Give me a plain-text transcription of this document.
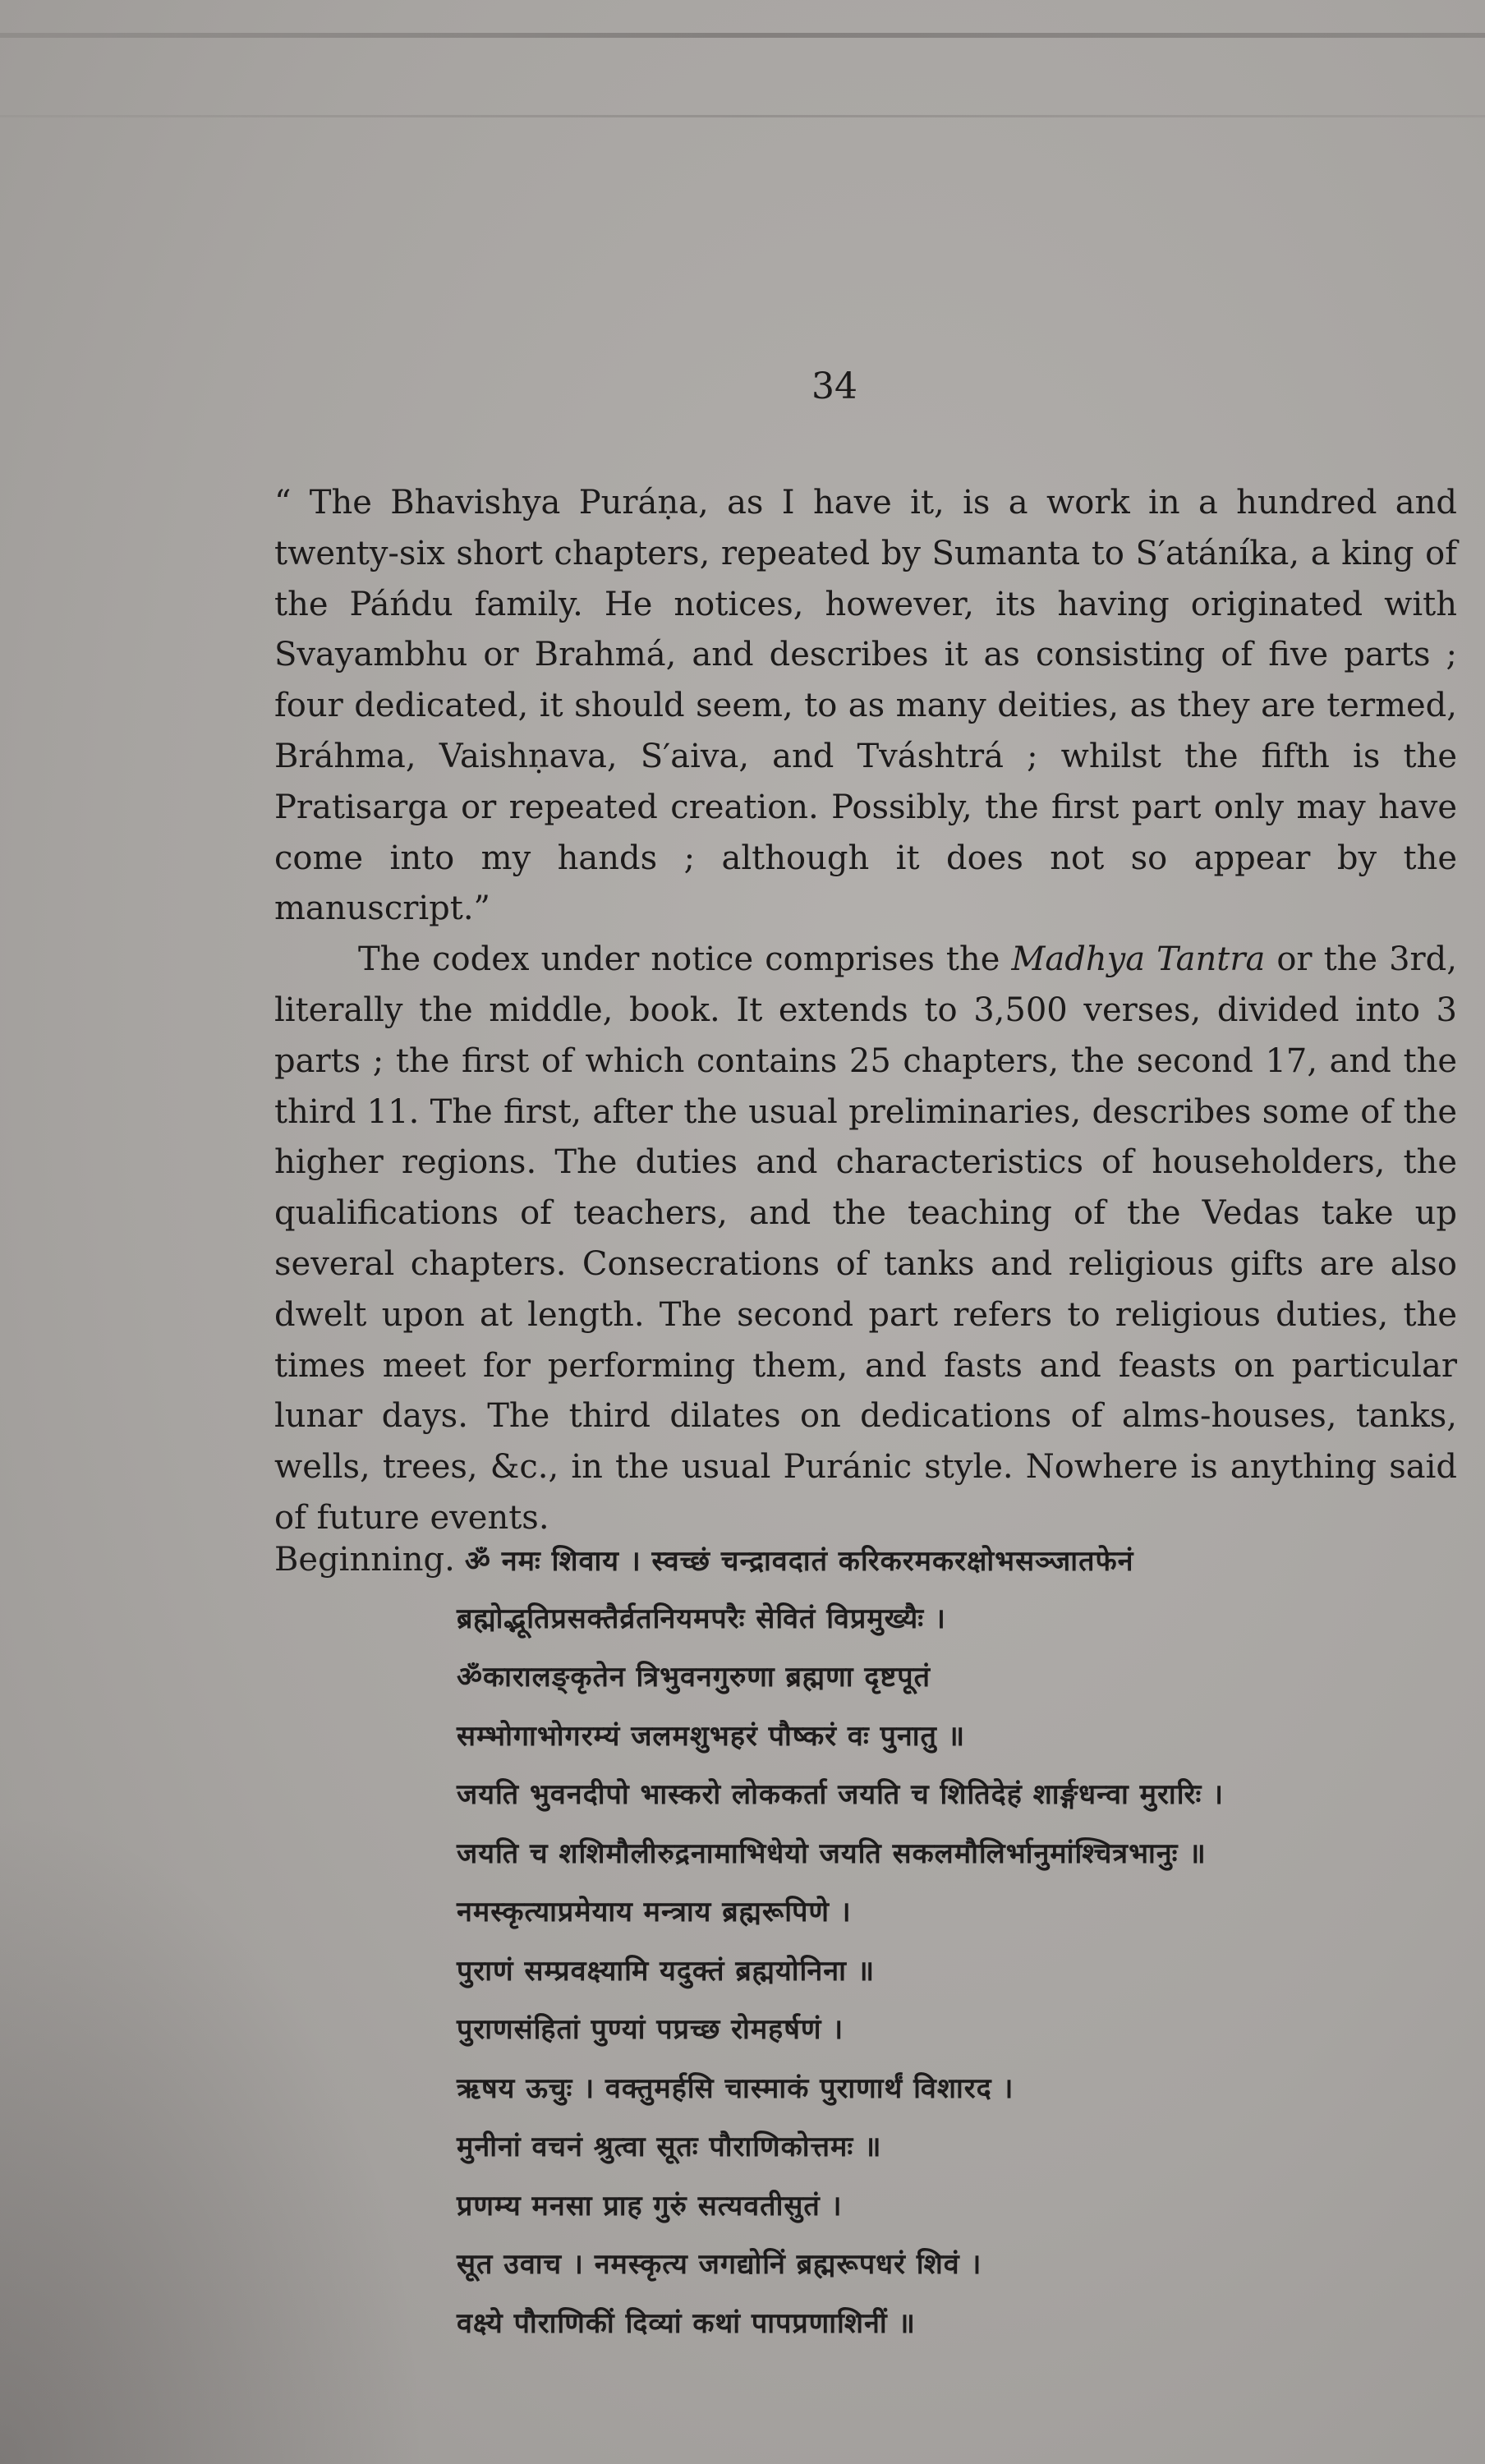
34

“ The Bhavishya Puráṇa, as I have it, is a work in a hundred and twenty-six short chapters, repeated by Sumanta to S′atáníka, a king of the Páńdu family. He notices, however, its having originated with Svayambhu or Brahmá, and describes it as consisting of five parts ; four dedicated, it should seem, to as many deities, as they are termed, Bráhma, Vaishṇava, S′aiva, and Tváshtrá ; whilst the fifth is the Pratisarga or repeated creation. Possibly, the first part only may have come into my hands ; although it does not so appear by the manuscript.”

The codex under notice comprises the Madhya Tantra or the 3rd, literally the middle, book. It extends to 3,500 verses, divided into 3 parts ; the first of which contains 25 chapters, the second 17, and the third 11. The first, after the usual preliminaries, describes some of the higher regions. The duties and characteristics of householders, the qualifications of teachers, and the teaching of the Vedas take up several chapters. Consecrations of tanks and religious gifts are also dwelt upon at length. The second part refers to religious duties, the times meet for performing them, and fasts and feasts on particular lunar days. The third dilates on dedications of alms-houses, tanks, wells, trees, &c., in the usual Puránic style. Nowhere is anything said of future events.

Beginning. ॐ नमः शिवाय । स्वच्छं चन्द्रावदातं करिकरमकरक्षोभसञ्जातफेनं
ब्रह्मोद्भूतिप्रसक्तैर्व्रतनियमपरैः सेवितं विप्रमुख्यैः ।
ॐकारालङ्कृतेन त्रिभुवनगुरुणा ब्रह्मणा दृष्टपूतं
सम्भोगाभोगरम्यं जलमशुभहरं पौष्करं वः पुनातु ॥
जयति भुवनदीपो भास्करो लोककर्ता जयति च शितिदेहं शार्ङ्गधन्वा मुरारिः ।
जयति च शशिमौलीरुद्रनामाभिधेयो जयति सकलमौलिर्भानुमांश्चित्रभानुः ॥
नमस्कृत्याप्रमेयाय मन्त्राय ब्रह्मरूपिणे ।
पुराणं सम्प्रवक्ष्यामि यदुक्तं ब्रह्मयोनिना ॥
पुराणसंहितां पुण्यां पप्रच्छ रोमहर्षणं ।
ऋषय ऊचुः । वक्तुमर्हसि चास्माकं पुराणार्थं विशारद ।
मुनीनां वचनं श्रुत्वा सूतः पौराणिकोत्तमः ॥
प्रणम्य मनसा प्राह गुरुं सत्यवतीसुतं ।
सूत उवाच । नमस्कृत्य जगद्योनिं ब्रह्मरूपधरं शिवं ।
वक्ष्ये पौराणिकीं दिव्यां कथां पापप्रणाशिनीं ॥
